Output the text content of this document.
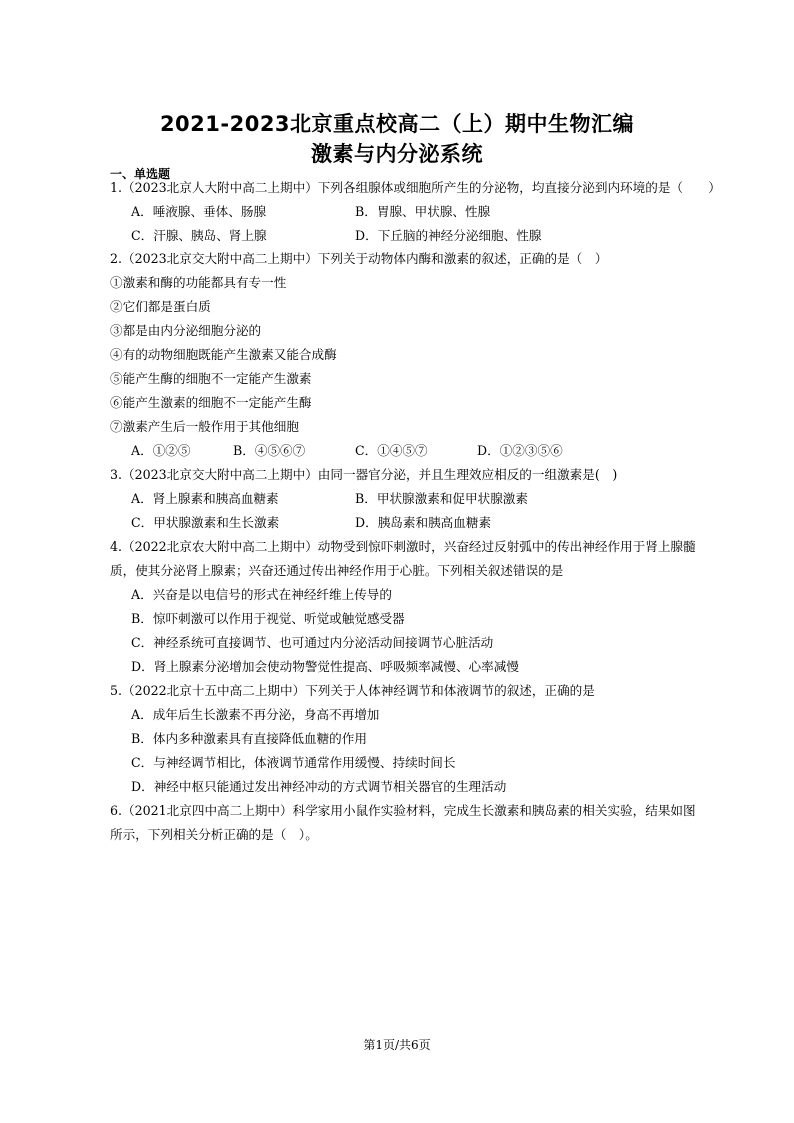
2021-2023北京重点校高二（上）期中生物汇编
激素与内分泌系统
一、单选题
1.（2023北京人大附中高二上期中）下列各组腺体或细胞所产生的分泌物，均直接分泌到内环境的是（　　）
A．唾液腺、垂体、肠腺	B．胃腺、甲状腺、性腺
C．汗腺、胰岛、肾上腺	D．下丘脑的神经分泌细胞、性腺
2.（2023北京交大附中高二上期中）下列关于动物体内酶和激素的叙述，正确的是（　）
①激素和酶的功能都具有专一性
②它们都是蛋白质
③都是由内分泌细胞分泌的
④有的动物细胞既能产生激素又能合成酶
⑤能产生酶的细胞不一定能产生激素
⑥能产生激素的细胞不一定能产生酶
⑦激素产生后一般作用于其他细胞
A．①②⑤	B．④⑤⑥⑦	C．①④⑤⑦	D．①②③⑤⑥
3.（2023北京交大附中高二上期中）由同一器官分泌，并且生理效应相反的一组激素是(　)
A．肾上腺素和胰高血糖素	B．甲状腺激素和促甲状腺激素
C．甲状腺激素和生长激素	D．胰岛素和胰高血糖素
4.（2022北京农大附中高二上期中）动物受到惊吓刺激时，兴奋经过反射弧中的传出神经作用于肾上腺髓
质，使其分泌肾上腺素；兴奋还通过传出神经作用于心脏。下列相关叙述错误的是
A．兴奋是以电信号的形式在神经纤维上传导的
B．惊吓刺激可以作用于视觉、听觉或触觉感受器
C．神经系统可直接调节、也可通过内分泌活动间接调节心脏活动
D．肾上腺素分泌增加会使动物警觉性提高、呼吸频率减慢、心率减慢
5.（2022北京十五中高二上期中）下列关于人体神经调节和体液调节的叙述，正确的是
A．成年后生长激素不再分泌，身高不再增加
B．体内多种激素具有直接降低血糖的作用
C．与神经调节相比，体液调节通常作用缓慢、持续时间长
D．神经中枢只能通过发出神经冲动的方式调节相关器官的生理活动
6.（2021北京四中高二上期中）科学家用小鼠作实验材料，完成生长激素和胰岛素的相关实验，结果如图
所示，下列相关分析正确的是（　）。
第1页/共6页
